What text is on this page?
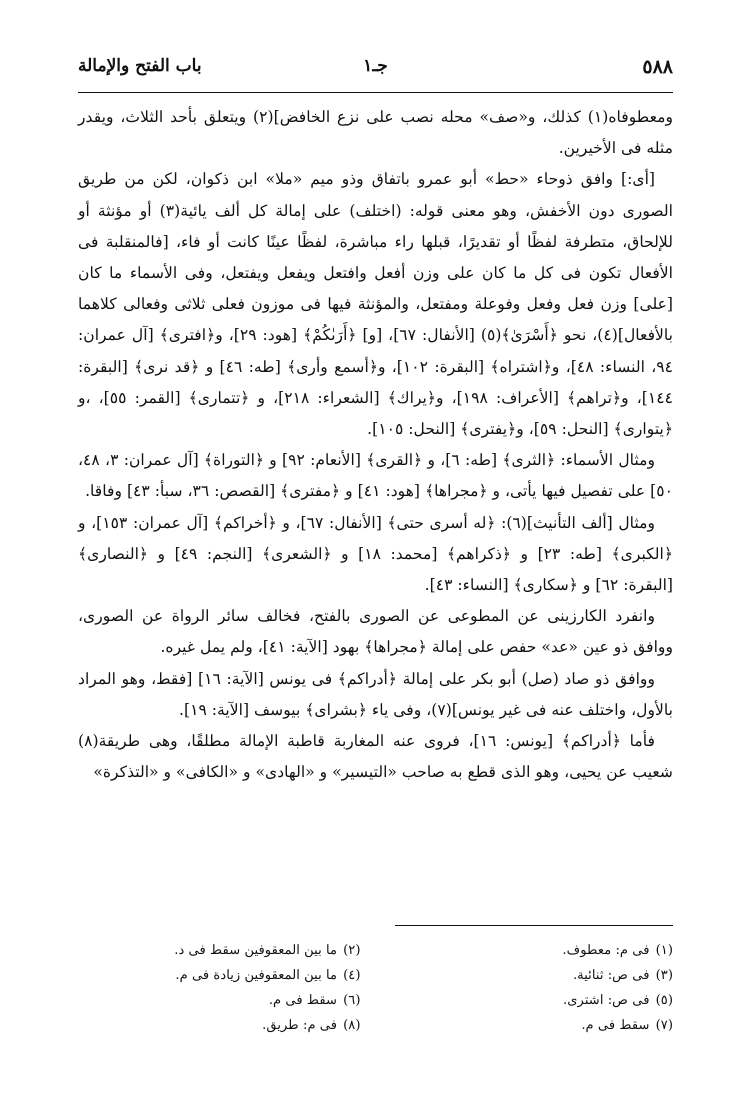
٥٨٨
جـ١
باب الفتح والإمالة

ومعطوفاه(١) كذلك، و«صف» محله نصب على نزع الخافض](٢) ويتعلق بأحد الثلاث، ويقدر مثله فى الأخيرين.

[أى:] وافق ذوحاء «حط» أبو عمرو باتفاق وذو ميم «ملا» ابن ذكوان، لكن من طريق الصورى دون الأخفش، وهو معنى قوله: (اختلف) على إمالة كل ألف يائية(٣) أو مؤنثة أو للإلحاق، متطرفة لفظًا أو تقديرًا، قبلها راء مباشرة، لفظًا عينًا كانت أو فاء، [فالمنقلبة فى الأفعال تكون فى كل ما كان على وزن أفعل وافتعل ويفعل ويفتعل، وفى الأسماء ما كان [على] وزن فعل وفعل وفوعلة ومفتعل، والمؤنثة فيها فى موزون فعلى ثلاثى وفعالى كلاهما بالأفعال](٤)، نحو ﴿أَسْرَىٰ﴾(٥) [الأنفال: ٦٧]، [و] ﴿أَرَىٰكُمْ﴾ [هود: ٢٩]، و﴿افترى﴾ [آل عمران: ٩٤، النساء: ٤٨]، و﴿اشتراه﴾ [البقرة: ١٠٢]، و﴿أسمع وأرى﴾ [طه: ٤٦] و ﴿قد نرى﴾ [البقرة: ١٤٤]، و﴿تراهم﴾ [الأعراف: ١٩٨]، و﴿يراك﴾ [الشعراء: ٢١٨]، و ﴿تتمارى﴾ [القمر: ٥٥]، ،و ﴿يتوارى﴾ [النحل: ٥٩]، و﴿يفترى﴾ [النحل: ١٠٥].

ومثال الأسماء: ﴿الثرى﴾ [طه: ٦]، و ﴿القرى﴾ [الأنعام: ٩٢] و ﴿التوراة﴾ [آل عمران: ٣، ٤٨، ٥٠] على تفصيل فيها يأتى، و ﴿مجراها﴾ [هود: ٤١] و ﴿مفترى﴾ [القصص: ٣٦، سبأ: ٤٣] وفاقا.

ومثال [ألف التأنيث](٦): ﴿له أسرى حتى﴾ [الأنفال: ٦٧]، و ﴿أخراكم﴾ [آل عمران: ١٥٣]، و ﴿الكبرى﴾ [طه: ٢٣] و ﴿ذكراهم﴾ [محمد: ١٨] و ﴿الشعرى﴾ [النجم: ٤٩] و ﴿النصارى﴾ [البقرة: ٦٢] و ﴿سكارى﴾ [النساء: ٤٣].

وانفرد الكارزينى عن المطوعى عن الصورى بالفتح، فخالف سائر الرواة عن الصورى، ووافق ذو عين «عد» حفص على إمالة ﴿مجراها﴾ بهود [الآية: ٤١]، ولم يمل غيره.

ووافق ذو صاد (صل) أبو بكر على إمالة ﴿أدراكم﴾ فى يونس [الآية: ١٦] [فقط، وهو المراد بالأول، واختلف عنه فى غير يونس](٧)، وفى ياء ﴿بشراى﴾ بيوسف [الآية: ١٩].

فأما ﴿أدراكم﴾ [يونس: ١٦]، فروى عنه المغاربة قاطبة الإمالة مطلقًا، وهى طريقة(٨) شعيب عن يحيى، وهو الذى قطع به صاحب «التيسير» و «الهادى» و «الكافى» و «التذكرة»

(١)فى م: معطوف.
(٢)ما بين المعقوفين سقط فى د.
(٣)فى ص: ثنائية.
(٤)ما بين المعقوفين زيادة فى م.
(٥)فى ص: اشترى.
(٦)سقط فى م.
(٧)سقط فى م.
(٨)فى م: طريق.
